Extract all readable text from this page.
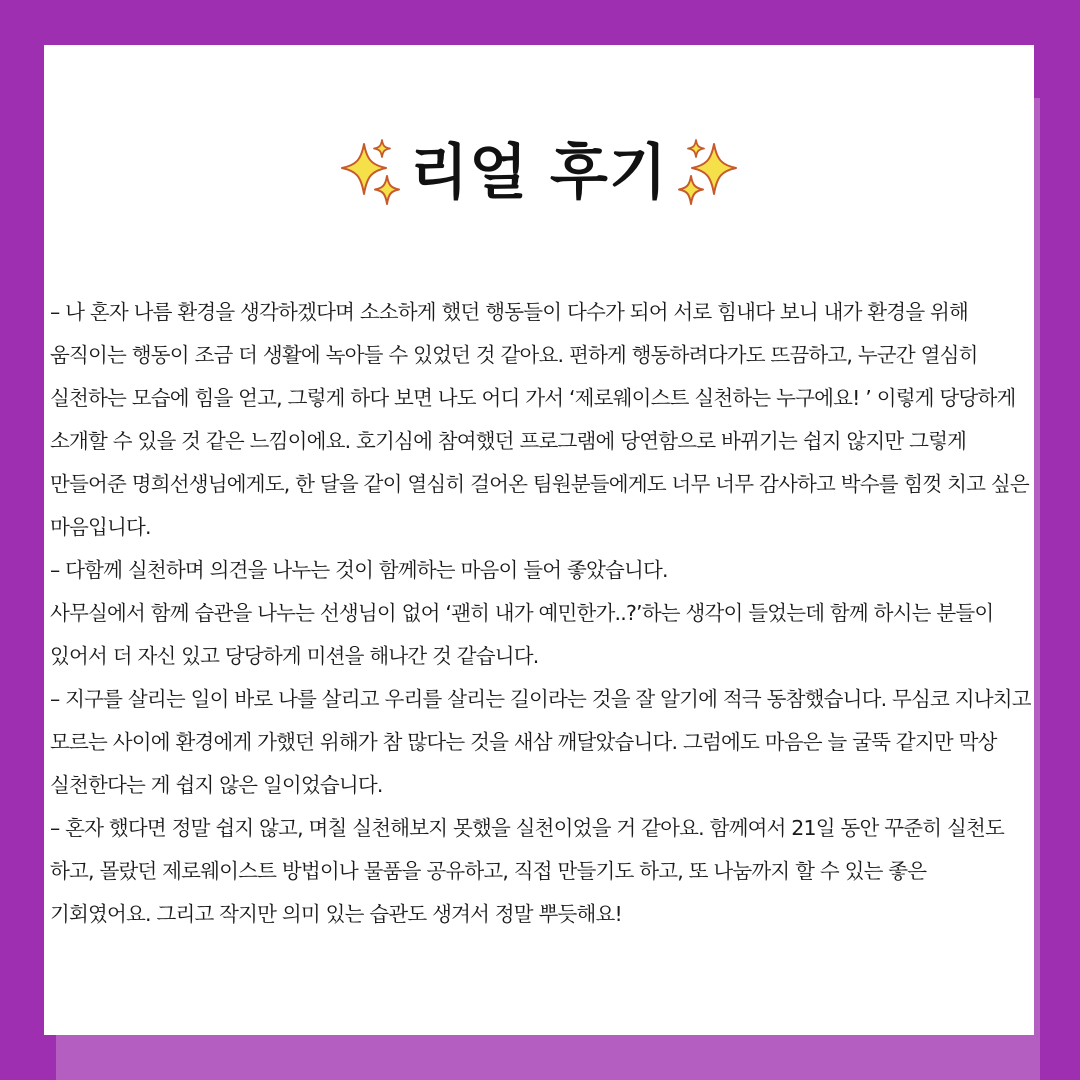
리얼 후기

– 나 혼자 나름 환경을 생각하겠다며 소소하게 했던 행동들이 다수가 되어 서로 힘내다 보니 내가 환경을 위해 움직이는 행동이 조금 더 생활에 녹아들 수 있었던 것 같아요. 편하게 행동하려다가도 뜨끔하고, 누군간 열심히 실천하는 모습에 힘을 얻고, 그렇게 하다 보면 나도 어디 가서 ‘제로웨이스트 실천하는 누구에요! ’ 이렇게 당당하게 소개할 수 있을 것 같은 느낌이에요. 호기심에 참여했던 프로그램에 당연함으로 바뀌기는 쉽지 않지만 그렇게 만들어준 명희선생님에게도, 한 달을 같이 열심히 걸어온 팀원분들에게도 너무 너무 감사하고 박수를 힘껏 치고 싶은 마음입니다.

– 다함께 실천하며 의견을 나누는 것이 함께하는 마음이 들어 좋았습니다.

사무실에서 함께 습관을 나누는 선생님이 없어 ‘괜히 내가 예민한가..?’하는 생각이 들었는데 함께 하시는 분들이 있어서 더 자신 있고 당당하게 미션을 해나간 것 같습니다.

– 지구를 살리는 일이 바로 나를 살리고 우리를 살리는 길이라는 것을 잘 알기에 적극 동참했습니다. 무심코 지나치고 모르는 사이에 환경에게 가했던 위해가 참 많다는 것을 새삼 깨달았습니다. 그럼에도 마음은 늘 굴뚝 같지만 막상 실천한다는 게 쉽지 않은 일이었습니다.

– 혼자 했다면 정말 쉽지 않고, 며칠 실천해보지 못했을 실천이었을 거 같아요. 함께여서 21일 동안 꾸준히 실천도 하고, 몰랐던 제로웨이스트 방법이나 물품을 공유하고, 직접 만들기도 하고, 또 나눔까지 할 수 있는 좋은 기회였어요. 그리고 작지만 의미 있는 습관도 생겨서 정말 뿌듯해요!
